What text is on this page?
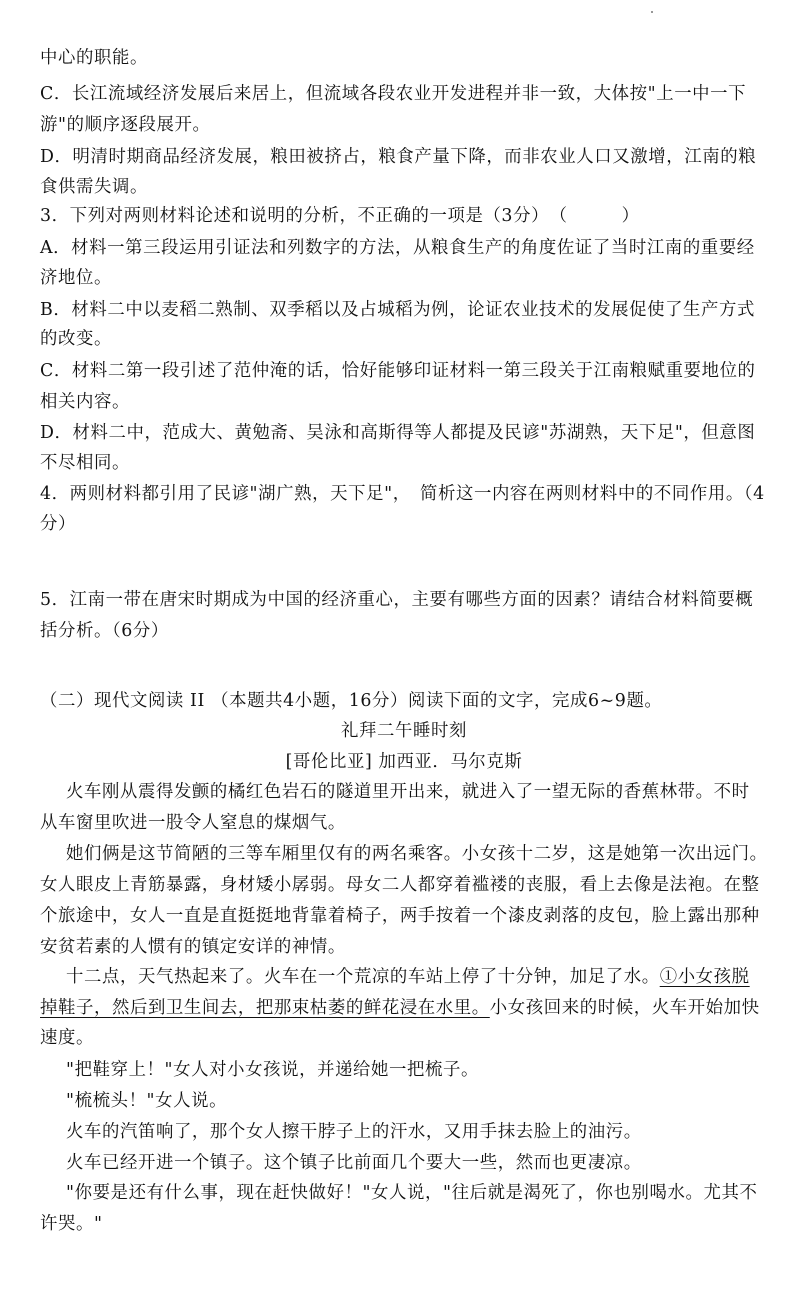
中心的职能。
C．长江流域经济发展后来居上，但流域各段农业开发进程并非一致，大体按"上一中一下
游"的顺序逐段展开。
D．明清时期商品经济发展，粮田被挤占，粮食产量下降，而非农业人口又激增，江南的粮
食供需失调。
3．下列对两则材料论述和说明的分析，不正确的一项是（3分）　（　　　）
A．材料一第三段运用引证法和列数字的方法，从粮食生产的角度佐证了当时江南的重要经
济地位。
B．材料二中以麦稻二熟制、双季稻以及占城稻为例，论证农业技术的发展促使了生产方式
的改变。
C．材料二第一段引述了范仲淹的话，恰好能够印证材料一第三段关于江南粮赋重要地位的
相关内容。
D．材料二中，范成大、黄勉斋、吴泳和高斯得等人都提及民谚"苏湖熟，天下足"，但意图
不尽相同。
4．两则材料都引用了民谚"湖广熟，天下足"，　简析这一内容在两则材料中的不同作用。（4
分）
5．江南一带在唐宋时期成为中国的经济重心，主要有哪些方面的因素？请结合材料简要概
括分析。（6分）
（二）现代文阅读 II （本题共4小题，16分）阅读下面的文字，完成6~9题。
礼拜二午睡时刻
[哥伦比亚] 加西亚．马尔克斯
火车刚从震得发颤的橘红色岩石的隧道里开出来，就进入了一望无际的香蕉林带。不时
从车窗里吹进一股令人窒息的煤烟气。
她们俩是这节简陋的三等车厢里仅有的两名乘客。小女孩十二岁，这是她第一次出远门。
女人眼皮上青筋暴露，身材矮小孱弱。母女二人都穿着褴褛的丧服，看上去像是法袍。在整
个旅途中，女人一直是直挺挺地背靠着椅子，两手按着一个漆皮剥落的皮包，脸上露出那种
安贫若素的人惯有的镇定安详的神情。
十二点，天气热起来了。火车在一个荒凉的车站上停了十分钟，加足了水。①小女孩脱
掉鞋子，然后到卫生间去，把那束枯萎的鲜花浸在水里。小女孩回来的时候，火车开始加快
速度。
"把鞋穿上！"女人对小女孩说，并递给她一把梳子。
"梳梳头！"女人说。
火车的汽笛响了，那个女人擦干脖子上的汗水，又用手抹去脸上的油污。
火车已经开进一个镇子。这个镇子比前面几个要大一些，然而也更凄凉。
"你要是还有什么事，现在赶快做好！"女人说，"往后就是渴死了，你也别喝水。尤其不
许哭。"
